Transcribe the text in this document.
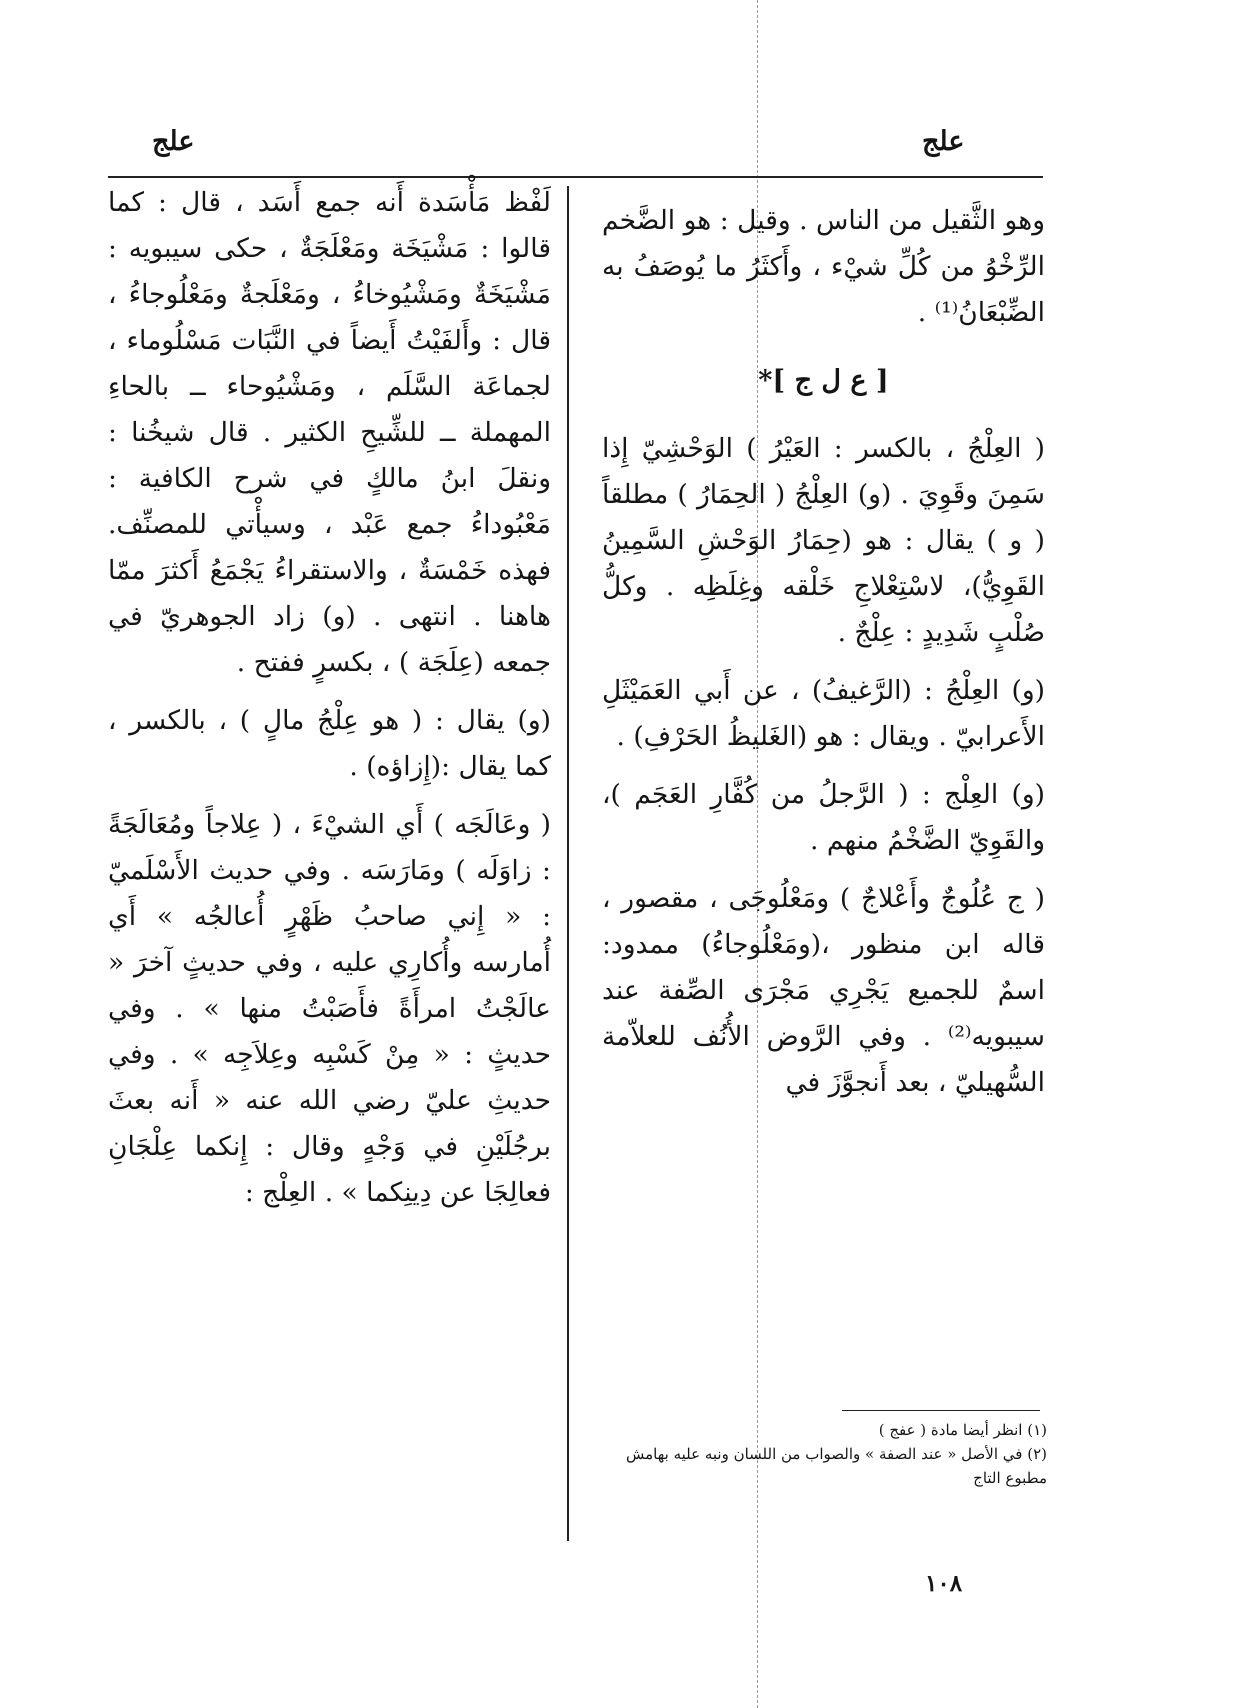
علج
علج

وهو الثَّقيل من الناس . وقيل : هو الضَّخم الرِّخْوُ من كُلِّ شيْء ، وأَكثَرُ ما يُوصَفُ به الضِّبْعَانُ⁽¹⁾ .

[ ع ل ج ]*

( العِلْجُ ، بالكسر : العَيْرُ ) الوَحْشِيّ إِذا سَمِنَ وقَوِيَ . (و) العِلْجُ ( الحِمَارُ ) مطلقاً ( و ) يقال : هو (حِمَارُ الوَحْشِ السَّمِينُ القَوِيُّ)، لاسْتِعْلاجِ خَلْقه وغِلَظِه . وكلُّ صُلْبٍ شَدِيدٍ : عِلْجٌ .

(و) العِلْجُ : (الرَّغيفُ) ، عن أَبي العَمَيْثَلِ الأَعرابيّ . ويقال : هو (الغَليظُ الحَرْفِ) .

(و) العِلْج : ( الرَّجلُ من كُفَّارِ العَجَم )، والقَوِيّ الضَّخْمُ منهم .

( ج عُلُوجٌ وأَعْلاجٌ ) ومَعْلُوجَى ، مقصور ، قاله ابن منظور ،(ومَعْلُوجاءُ) ممدود: اسمٌ للجميع يَجْرِي مَجْرَى الصِّفة عند سيبويه⁽²⁾ . وفي الرَّوض الأُنُف للعلاّمة السُّهيليّ ، بعد أَنجوَّزَ في

لَفْظ مَأْسَدة أَنه جمع أَسَد ، قال : كما قالوا : مَشْيَخَة ومَعْلَجَةٌ ، حكى سيبويه : مَشْيَخَةٌ ومَشْيُوخاءُ ، ومَعْلَجةٌ ومَعْلُوجاءُ ، قال : وأَلفَيْتُ أَيضاً في النَّبَات مَسْلُوماء ، لجماعَة السَّلَم ، ومَشْيُوحاء ــ بالحاءِ المهملة ــ للشِّيحِ الكثير . قال شيخُنا : ونقلَ ابنُ مالكٍ في شرح الكافية : مَعْبُوداءُ جمع عَبْد ، وسيأْتي للمصنِّف. فهذه خَمْسَةٌ ، والاستقراءُ يَجْمَعُ أَكثرَ ممّا هاهنا . انتهى . (و) زاد الجوهريّ في جمعه (عِلَجَة ) ، بكسرٍ ففتح .

(و) يقال : ( هو عِلْجُ مالٍ ) ، بالكسر ، كما يقال :(إِزاؤه) .

( وعَالَجَه ) أَي الشيْءَ ، ( عِلاجاً ومُعَالَجَةً : زاوَلَه ) ومَارَسَه . وفي حديث الأَسْلَميّ : « إِني صاحبُ ظَهْرٍ أُعالجُه » أَي أُمارسه وأُكارِي عليه ، وفي حديثٍ آخرَ « عالَجْتُ امرأَةً فأَصَبْتُ منها » . وفي حديثٍ : « مِنْ كَسْبِه وعِلاَجِه » . وفي حديثِ عليّ رضي الله عنه « أَنه بعثَ برجُلَيْنِ في وَجْهٍ وقال : إِنكما عِلْجَانِ فعالِجَا عن دِينِكما » . العِلْج :

(١) انظر أيضا مادة ( عفج )

(٢) في الأصل « عند الصفة » والصواب من اللسان ونبه عليه بهامش مطبوع التاج

١٠٨
